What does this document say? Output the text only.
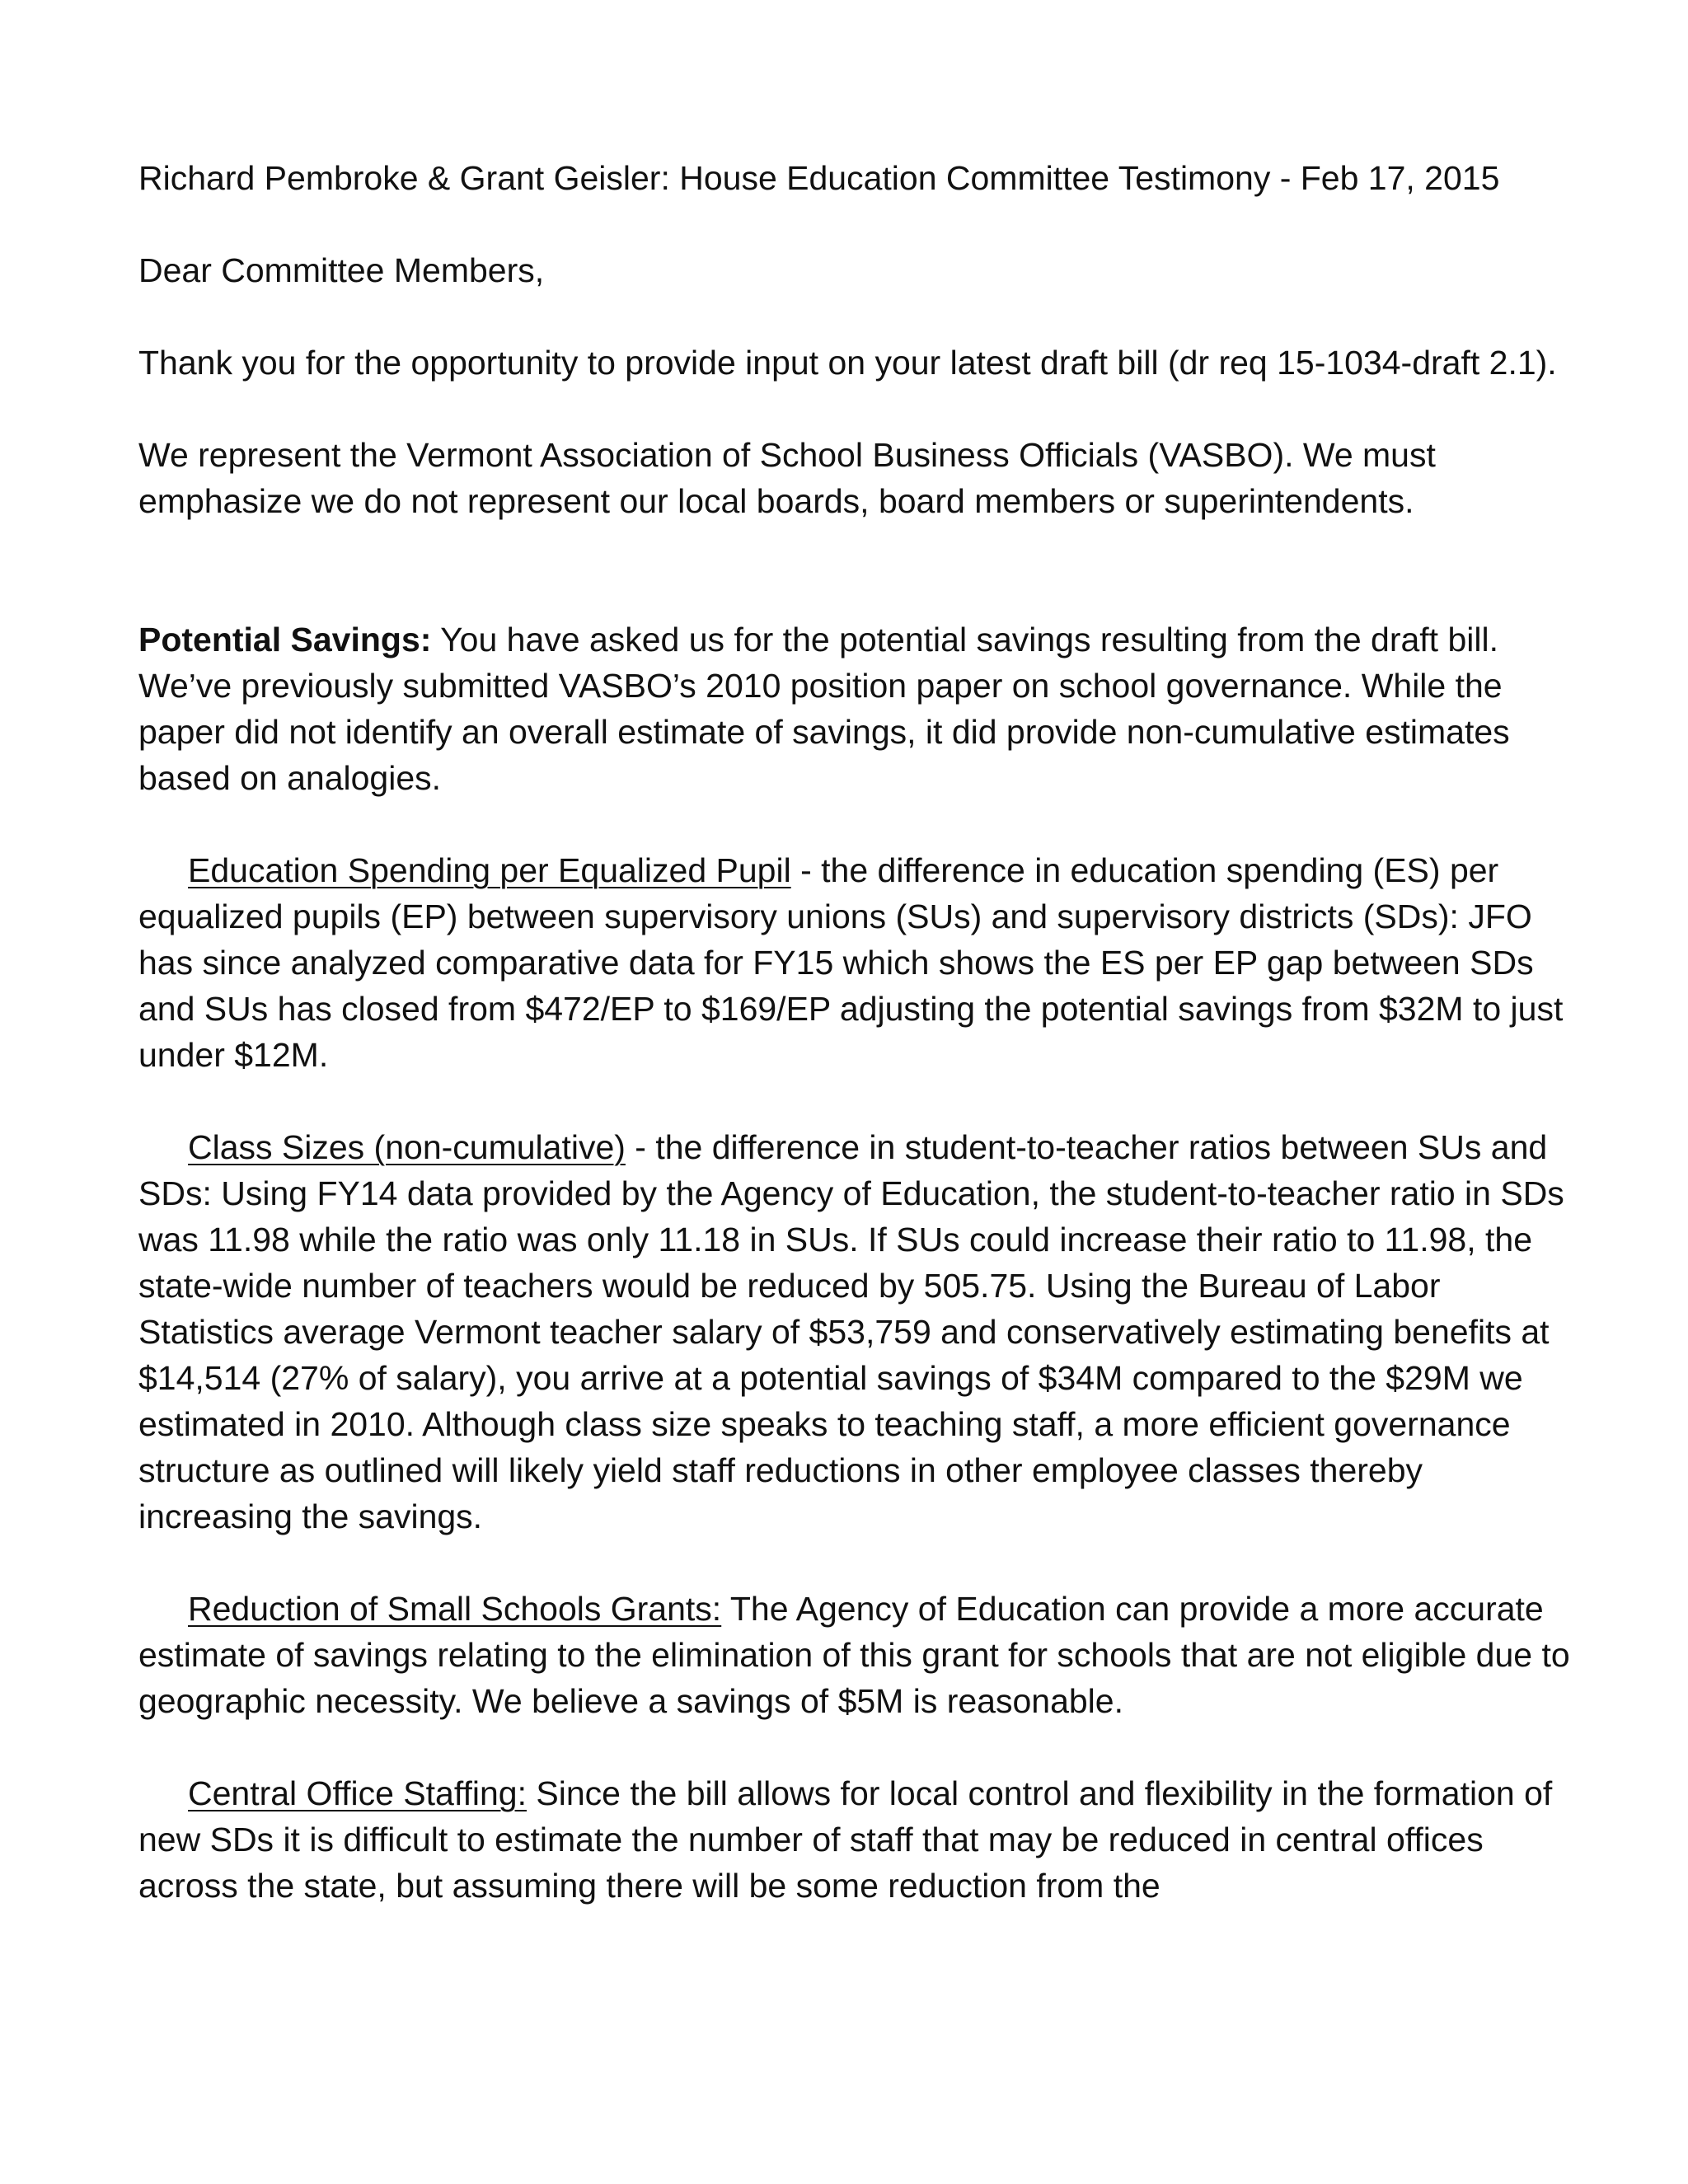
Richard Pembroke & Grant Geisler: House Education Committee Testimony - Feb 17, 2015

Dear Committee Members,

Thank you for the opportunity to provide input on your latest draft bill (dr req 15-1034-draft 2.1).

We represent the Vermont Association of School Business Officials (VASBO). We must emphasize we do not represent our local boards, board members or superintendents.

Potential Savings: You have asked us for the potential savings resulting from the draft bill. We’ve previously submitted VASBO’s 2010 position paper on school governance. While the paper did not identify an overall estimate of savings, it did provide non-cumulative estimates based on analogies.

Education Spending per Equalized Pupil - the difference in education spending (ES) per equalized pupils (EP) between supervisory unions (SUs) and supervisory districts (SDs): JFO has since analyzed comparative data for FY15 which shows the ES per EP gap between SDs and SUs has closed from $472/EP to $169/EP adjusting the potential savings from $32M to just under $12M.

Class Sizes (non-cumulative) - the difference in student-to-teacher ratios between SUs and SDs: Using FY14 data provided by the Agency of Education, the student-to-teacher ratio in SDs was 11.98 while the ratio was only 11.18 in SUs. If SUs could increase their ratio to 11.98, the state-wide number of teachers would be reduced by 505.75. Using the Bureau of Labor Statistics average Vermont teacher salary of $53,759 and conservatively estimating benefits at $14,514 (27% of salary), you arrive at a potential savings of $34M compared to the $29M we estimated in 2010. Although class size speaks to teaching staff, a more efficient governance structure as outlined will likely yield staff reductions in other employee classes thereby increasing the savings.

Reduction of Small Schools Grants: The Agency of Education can provide a more accurate estimate of savings relating to the elimination of this grant for schools that are not eligible due to geographic necessity. We believe a savings of $5M is reasonable.

Central Office Staffing: Since the bill allows for local control and flexibility in the formation of new SDs it is difficult to estimate the number of staff that may be reduced in central offices across the state, but assuming there will be some reduction from the
